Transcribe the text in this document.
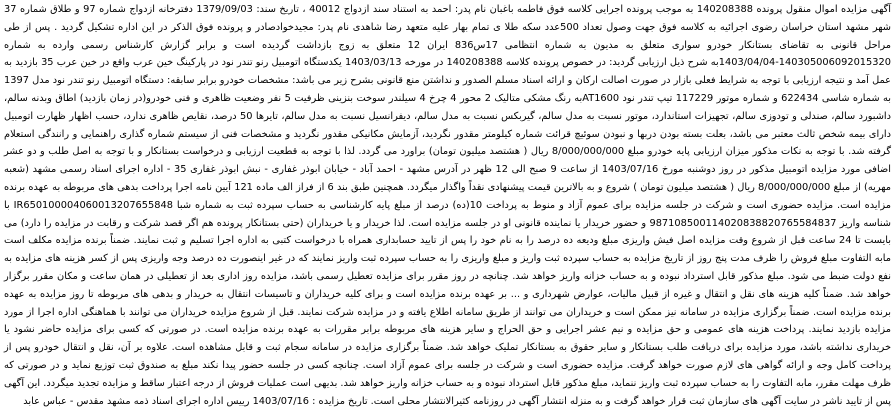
آگهی مزایده اموال منقول پرونده 140208388 به موجب پرونده اجرایی کلاسه فوق فاطمه باغبان نام پدر: احمد به استناد سند ازدواج 40012 ، تاریخ سند: 1379/09/03 دفترخانه ازدواج شماره 97 و طلاق شماره 37 شهر مشهد استان خراسان رضوی اجرائیه به کلاسه فوق جهت وصول تعداد 500عدد سکه طلا ی تمام بهار علیه متعهد رضا شاهدی نام پدر: مجیدخوادصادر و پرونده فوق الذکر در این اداره تشکیل گردید . پس از طی مراحل قانونی به تقاضای بستانکار خودرو سواری متعلق به مدیون به شماره انتظامی 17س836 ایران 12 متعلق به زوج بازداشت گردیده است و برابر گزارش کارشناس رسمی وارده به شماره 140305006092015320-1403/04/04به شرح ذیل ارزیابی گردید: در خصوص پرونده کلاسه 140208388 در مورخه 1403/03/13 یکدستگاه اتومبیل رنو تندر نود در پارکینگ خین عرب واقع در خین عرب 35 بازدید به عمل آمد و نتیجه ارزیابی با توجه به شرایط فعلی بازار در صورت اصالت ارکان و ارائه اسناد مسلم الصدور و نداشتن منع قانونی بشرح زیر می باشد: مشخصات خودرو برابر سابقه: دستگاه اتومبیل رنو تندر نود مدل 1397 به شماره شاسی 622434 و شماره موتور 117229 تیپ تندر نود AT1600به رنگ مشکی متالیک 2 محور 4 چرخ 4 سیلندر سوخت بنزینی ظرفیت 5 نفر وضعیت ظاهری و فنی خودرو(در زمان بازدید) اطاق وبدنه سالم، داشبورد سالم، صندلی و تودوزی سالم، تجهیزات استاندارد، موتور نسبت به مدل سالم، گیربکس نسبت به مدل سالم، دیفرانسیل نسبت به مدل سالم، تایرها 50 درصد، نقایص ظاهری ندارد، حسب اظهار ظهارت اتومبیل دارای بیمه شخص ثالث معتبر می باشد، بعلت بسته بودن دربها و نبودن سوئیچ قرائت شماره کیلومتر مقدور نگردید، آزمایش مکانیکی مقدور نگردید و مشخصات فنی از سیستم شماره گذاری راهنمایی و رانندگی استعلام گرفته شد. با توجه به نکات مذکور میزان ارزیابی پایه خودرو مبلغ 8/000/000/000 ریال ( هشتصد میلیون تومان) براورد می گردد. لذا با توجه به قطعیت ارزیابی و درخواست بستانکار و با توجه به اصل طلب و دو عشر اضافی مورد مزایده اتومبیل مذکور در روز دوشنبه مورخ 1403/07/16 از ساعت 9 صبح الی 12 ظهر در آدرس مشهد - احمد آباد - خیابان ابوذر غفاری - نبش ابوذر غفاری 35 - اداره اجرای اسناد رسمی مشهد (شعبه مهریه) از مبلغ 8/000/000/000 ریال ( هشتصد میلیون تومان ) شروع و به بالاترین قیمت پیشنهادی نقداً واگذار میگردد. همچنین طبق بند 6 از فراز الف ماده 121 آیین نامه اجرا پرداخت بدهی های مربوطه به عهده برنده مزایده است. مزایده حضوری است و شرکت در جلسه مزایده برای عموم آزاد و منوط به پرداخت 10(ده) درصد از مبلغ پایه کارشناسی به حساب سپرده ثبت به شماره شبا IR650100004060013207655848 با شناسه واریز 987108500114020838820765584837 و حضور خریدار یا نماینده قانونی او در جلسه مزایده است. لذا خریدار و یا خریداران (حتی بستانکار پرونده هم اگر قصد شرکت و رقابت در مزایده را دارد) می بایست تا 24 ساعت قبل از شروع وقت مزایده اصل فیش واریزی مبلغ ودیعه ده درصد را به نام خود را پس از تایید حسابداری همراه با درخواست کتبی به اداره اجرا تسلیم و ثبت نمایند. ضمناً برنده مزایده مکلف است مابه التفاوت مبلغ فروش را ظرف مدت پنج روز از تاریخ مزایده به حساب سپرده ثبت واریز و مبلغ واریزی را به حساب سپرده ثبت واریز نمایند که در غیر اینصورت ده درصد وجه واریزی پس از کسر هزینه های مزایده به نفع دولت ضبط می شود. مبلغ مذکور قابل استرداد نبوده و به حساب خزانه واریز خواهد شد. چنانچه در روز مقرر برای مزایده تعطیل رسمی باشد، مزایده روز اداری بعد از تعطیلی در همان ساعت و مکان مقرر برگزار خواهد شد. ضمناً کلیه هزینه های نقل و انتقال و غیره از قبیل مالیات، عوارض شهرداری و ... بر عهده برنده مزایده است و برای کلیه خریداران و تاسیسات انتقال به خریدار و بدهی های مربوطه تا روز مزایده به عهده برنده مزایده است. ضمناً برگزاری مزایده در سامانه نیز ممکن است و خریداران می توانند از طریق سامانه اطلاع یافته و در مزایده شرکت نمایند. قبل از شروع مزایده خریداران می توانند با هماهنگی اداره اجرا از مورد مزایده بازدید نمایند. پرداخت هزینه های عمومی و حق مزایده و نیم عشر اجرایی و حق الحراج و سایر هزینه های مربوطه برابر مقررات به عهده برنده مزایده است. در صورتی که کسی برای مزایده حاضر نشود یا خریداری نداشته باشد، مورد مزایده برای دریافت طلب بستانکار و سایر حقوق به بستانکار تملیک خواهد شد. ضمناً برگزاری مزایده در سامانه سجام ثبت و قابل مشاهده است. علاوه بر آن، نقل و انتقال خودرو پس از پرداخت کامل وجه و ارائه گواهی های لازم صورت خواهد گرفت. مزایده حضوری است و شرکت در جلسه برای عموم آزاد است. چنانچه کسی در جلسه حضور پیدا نکند مبلغ به صندوق ثبت توزیع نماید و در صورتی که ظرف مهلت مقرر، مابه التفاوت را به حساب سپرده ثبت واریز ننماید، مبلغ مذکور قابل استرداد نبوده و به حساب خزانه واریز خواهد شد. بدیهی است عملیات فروش از درجه اعتبار ساقط و مزایده تجدید میگردد. این آگهی پس از تایید ناشر در سایت آگهی های سازمان ثبت قرار خواهد گرفت و به منزله انتشار آگهی در روزنامه کثیرالانتشار محلی است. تاریخ مزایده : 1403/07/16 رییس اداره اجرای اسناد ذمه مشهد مقدس - عباس عابد
